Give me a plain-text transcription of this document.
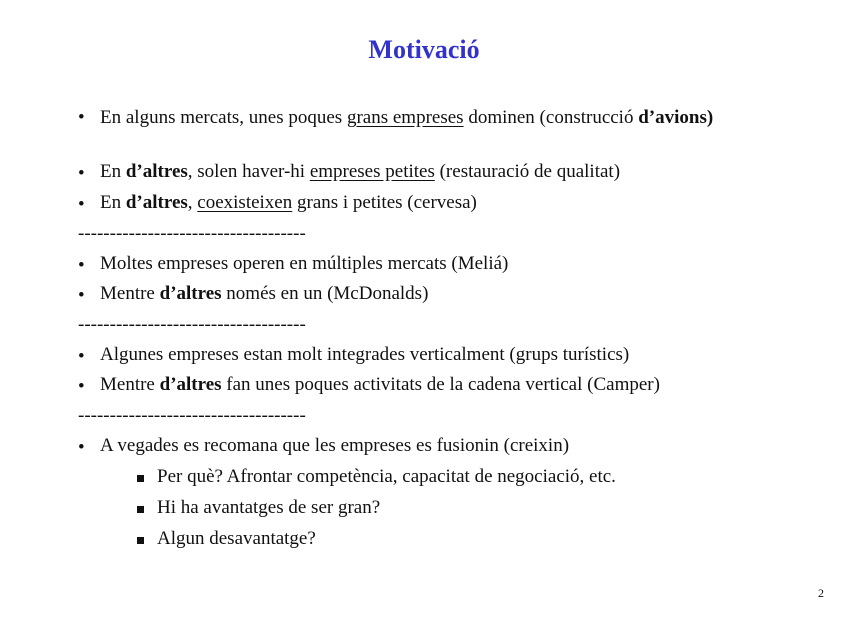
Motivació
• En alguns mercats, unes poques grans empreses dominen (construcció d’avions)
• En d’altres, solen haver-hi empreses petites (restauració de qualitat)
• En d’altres, coexisteixen grans i petites (cervesa)
------------------------------------
• Moltes empreses operen en múltiples mercats (Meliá)
• Mentre d’altres només en un (McDonalds)
------------------------------------
• Algunes empreses estan molt integrades verticalment (grups turístics)
• Mentre d’altres fan unes poques activitats de la cadena vertical (Camper)
------------------------------------
• A vegades es recomana que les empreses es fusionin (creixin)
Per què? Afrontar competència, capacitat de negociació, etc.
Hi ha avantatges de ser gran?
Algun desavantatge?
2
